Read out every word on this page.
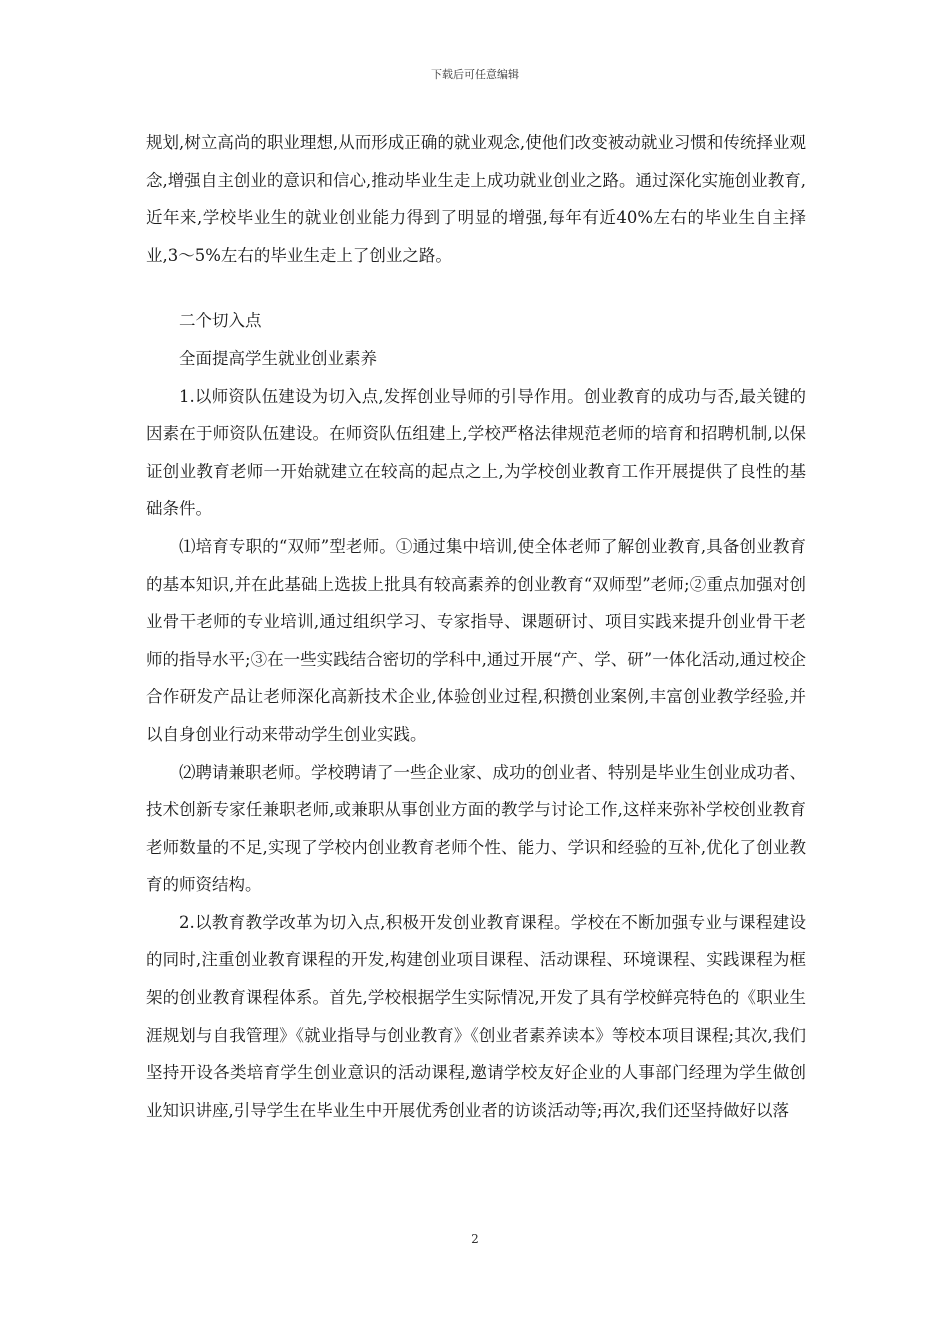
下载后可任意编辑

规划,树立高尚的职业理想,从而形成正确的就业观念,使他们改变被动就业习惯和传统择业观念,增强自主创业的意识和信心,推动毕业生走上成功就业创业之路。通过深化实施创业教育,近年来,学校毕业生的就业创业能力得到了明显的增强,每年有近40%左右的毕业生自主择业,3～5%左右的毕业生走上了创业之路。

二个切入点

全面提高学生就业创业素养

1.以师资队伍建设为切入点,发挥创业导师的引导作用。创业教育的成功与否,最关键的因素在于师资队伍建设。在师资队伍组建上,学校严格法律规范老师的培育和招聘机制,以保证创业教育老师一开始就建立在较高的起点之上,为学校创业教育工作开展提供了良性的基础条件。

⑴培育专职的“双师”型老师。①通过集中培训,使全体老师了解创业教育,具备创业教育的基本知识,并在此基础上选拔上批具有较高素养的创业教育“双师型”老师;②重点加强对创业骨干老师的专业培训,通过组织学习、专家指导、课题研讨、项目实践来提升创业骨干老师的指导水平;③在一些实践结合密切的学科中,通过开展“产、学、研”一体化活动,通过校企合作研发产品让老师深化高新技术企业,体验创业过程,积攒创业案例,丰富创业教学经验,并以自身创业行动来带动学生创业实践。

⑵聘请兼职老师。学校聘请了一些企业家、成功的创业者、特别是毕业生创业成功者、技术创新专家任兼职老师,或兼职从事创业方面的教学与讨论工作,这样来弥补学校创业教育老师数量的不足,实现了学校内创业教育老师个性、能力、学识和经验的互补,优化了创业教育的师资结构。

2.以教育教学改革为切入点,积极开发创业教育课程。学校在不断加强专业与课程建设的同时,注重创业教育课程的开发,构建创业项目课程、活动课程、环境课程、实践课程为框架的创业教育课程体系。首先,学校根据学生实际情况,开发了具有学校鲜亮特色的《职业生涯规划与自我管理》《就业指导与创业教育》《创业者素养读本》等校本项目课程;其次,我们坚持开设各类培育学生创业意识的活动课程,邀请学校友好企业的人事部门经理为学生做创业知识讲座,引导学生在毕业生中开展优秀创业者的访谈活动等;再次,我们还坚持做好以落

2
